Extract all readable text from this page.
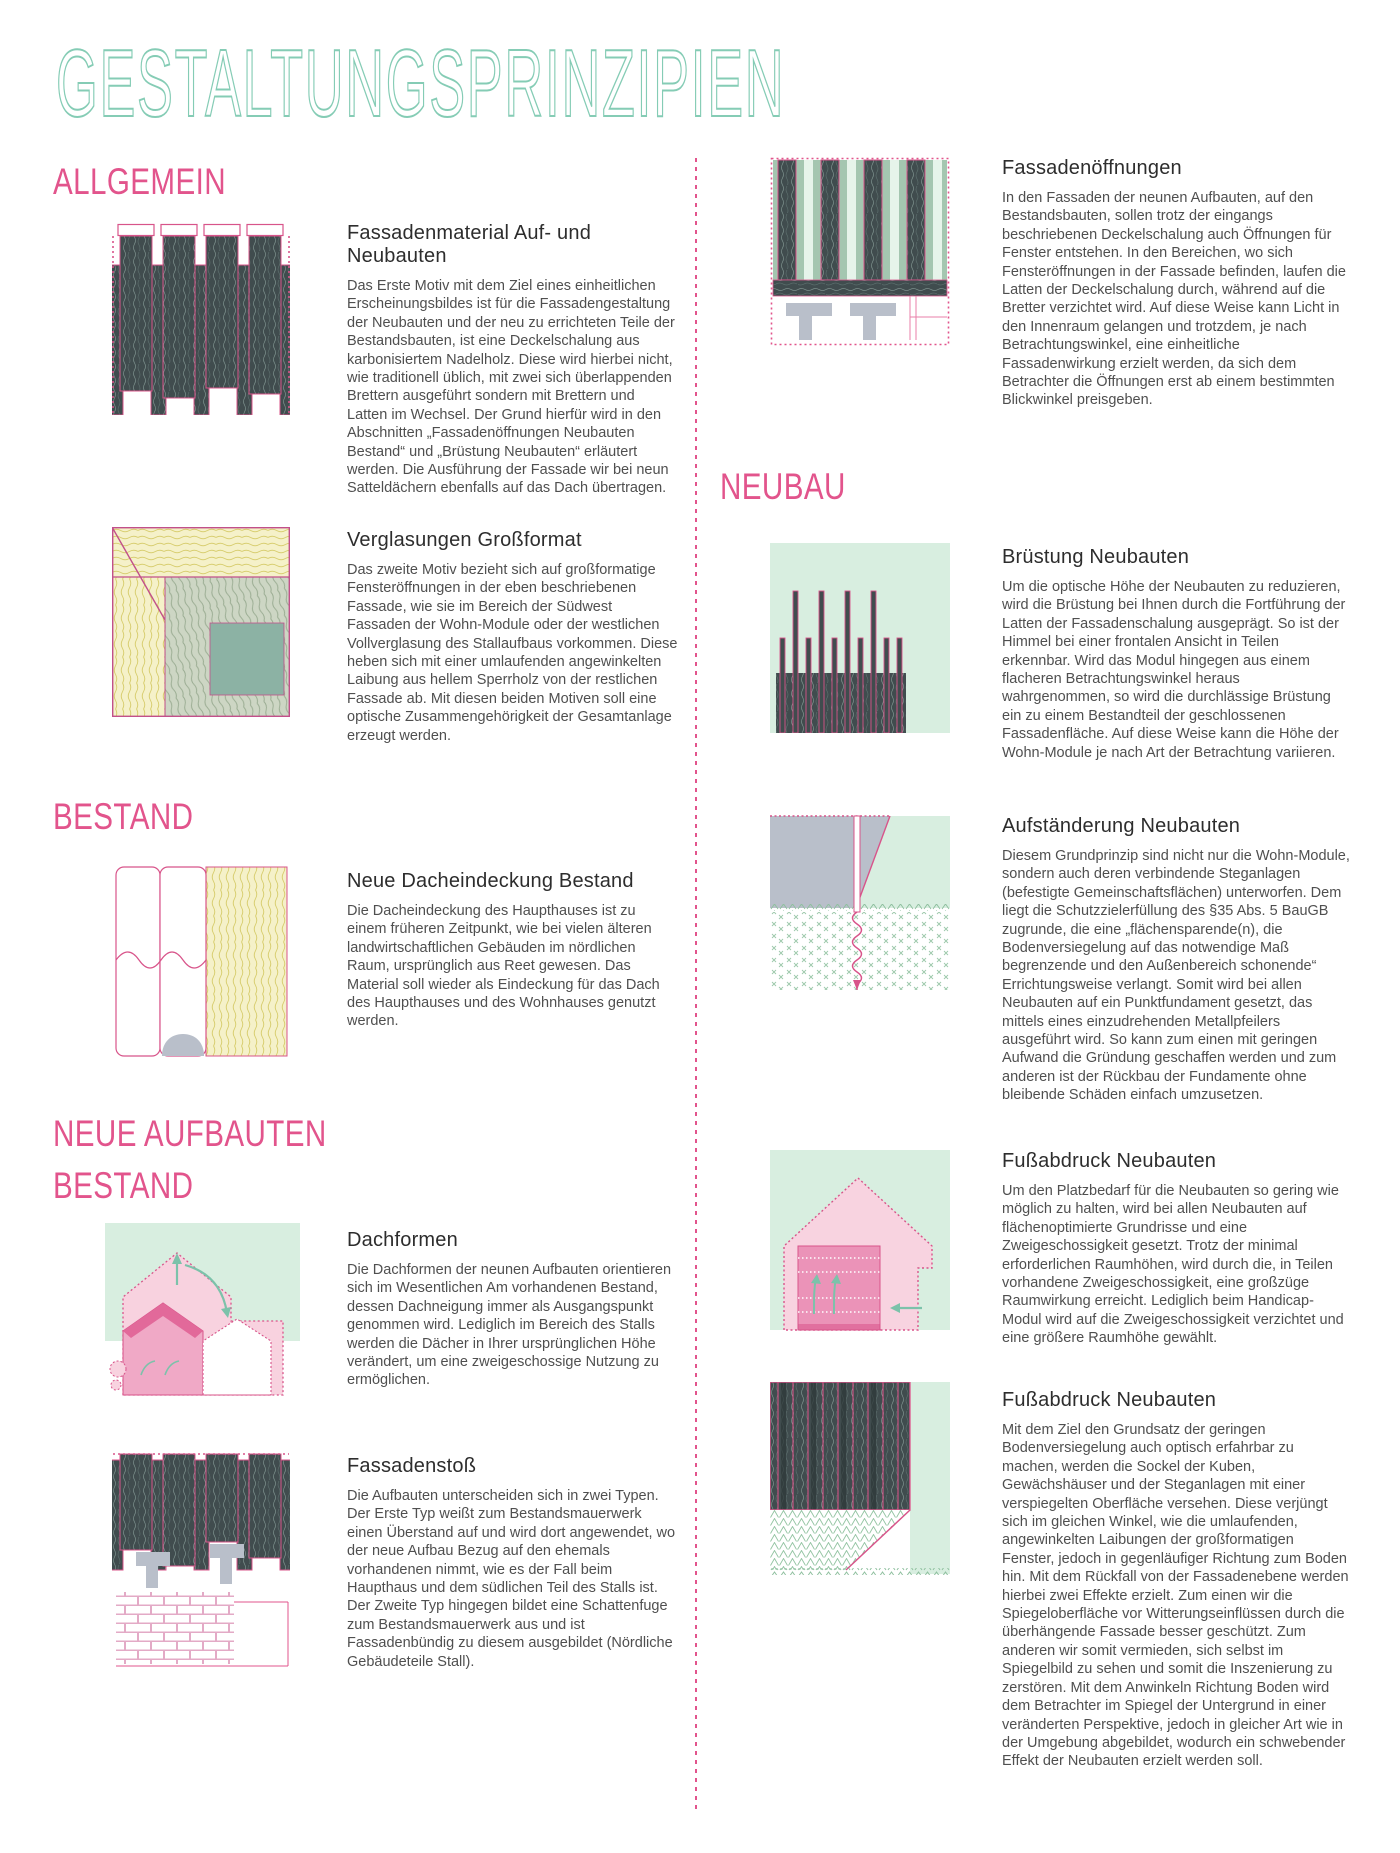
GESTALTUNGSPRINZIPIEN
ALLGEMEIN
Fassadenmaterial Auf- und Neubauten

Das Erste Motiv mit dem Ziel eines einheitlichen Erscheinungsbildes ist für die Fassadengestaltung der Neubauten und der neu zu errichteten Teile der Bestandsbauten, ist eine Deckelschalung aus karbonisiertem Nadelholz. Diese wird hierbei nicht, wie traditionell üblich, mit zwei sich überlappenden Brettern ausgeführt sondern mit Brettern und Latten im Wechsel. Der Grund hierfür wird in den Abschnitten „Fassadenöffnungen Neubauten Bestand“ und „Brüstung Neubauten“ erläutert werden. Die Ausführung der Fassade wir bei neun Satteldächern ebenfalls auf das Dach übertragen.

Verglasungen Großformat

Das zweite Motiv bezieht sich auf großformatige Fensteröffnungen in der eben beschriebenen Fassade, wie sie im Bereich der Südwest Fassaden der Wohn-Module oder der westlichen Vollverglasung des Stallaufbaus vorkommen. Diese heben sich mit einer umlaufenden angewinkelten Laibung aus hellem Sperrholz von der restlichen Fassade ab. Mit diesen beiden Motiven soll eine optische Zusammengehörigkeit der Gesamtanlage erzeugt werden.

BESTAND
Neue Dacheindeckung Bestand

Die Dacheindeckung des Haupthauses ist zu einem früheren Zeitpunkt, wie bei vielen älteren landwirtschaftlichen Gebäuden im nördlichen Raum, ursprünglich aus Reet gewesen. Das Material soll wieder als Eindeckung für das Dach des Haupthauses und des Wohnhauses genutzt werden.

NEUE AUFBAUTEN
BESTAND
Dachformen

Die Dachformen der neunen Aufbauten orientieren sich im Wesentlichen Am vorhandenen Bestand, dessen Dachneigung immer als Ausgangspunkt genommen wird. Lediglich im Bereich des Stalls werden die Dächer in Ihrer ursprünglichen Höhe verändert, um eine zweigeschossige Nutzung zu ermöglichen.

Fassadenstoß

Die Aufbauten unterscheiden sich in zwei Typen. Der Erste Typ weißt zum Bestandsmauerwerk einen Überstand auf und wird dort angewendet, wo der neue Aufbau Bezug auf den ehemals vorhandenen nimmt, wie es der Fall beim Haupthaus und dem südlichen Teil des Stalls ist. Der Zweite Typ hingegen bildet eine Schattenfuge zum Bestandsmauerwerk aus und ist Fassadenbündig zu diesem ausgebildet (Nördliche Gebäudeteile Stall).

Fassadenöffnungen

In den Fassaden der neunen Aufbauten, auf den Bestandsbauten, sollen trotz der eingangs beschriebenen Deckelschalung auch Öffnungen für Fenster entstehen. In den Bereichen, wo sich Fensteröffnungen in der Fassade befinden, laufen die Latten der Deckelschalung durch, während auf die Bretter verzichtet wird. Auf diese Weise kann Licht in den Innenraum gelangen und trotzdem, je nach Betrachtungswinkel, eine einheitliche Fassadenwirkung erzielt werden, da sich dem Betrachter die Öffnungen erst ab einem bestimmten Blickwinkel preisgeben.

NEUBAU
Brüstung Neubauten

Um die optische Höhe der Neubauten zu reduzieren, wird die Brüstung bei Ihnen durch die Fortführung der Latten der Fassadenschalung ausgeprägt. So ist der Himmel bei einer frontalen Ansicht in Teilen erkennbar. Wird das Modul hingegen aus einem flacheren Betrachtungswinkel heraus wahrgenommen, so wird die durchlässige Brüstung ein zu einem Bestandteil der geschlossenen Fassadenfläche. Auf diese Weise kann die Höhe der Wohn-Module je nach Art der Betrachtung variieren.

Aufständerung Neubauten

Diesem Grundprinzip sind nicht nur die Wohn-Module, sondern auch deren verbindende Steganlagen (befestigte Gemeinschaftsflächen) unterworfen. Dem liegt die Schutzzielerfüllung des §35 Abs. 5 BauGB zugrunde, die eine „flächensparende(n), die Bodenversiegelung auf das notwendige Maß begrenzende und den Außenbereich schonende“ Errichtungsweise verlangt. Somit wird bei allen Neubauten auf ein Punktfundament gesetzt, das mittels eines einzudrehenden Metallpfeilers ausgeführt wird. So kann zum einen mit geringen Aufwand die Gründung geschaffen werden und zum anderen ist der Rückbau der Fundamente ohne bleibende Schäden einfach umzusetzen.

Fußabdruck Neubauten

Um den Platzbedarf für die Neubauten so gering wie möglich zu halten, wird bei allen Neubauten auf flächenoptimierte Grundrisse und eine Zweigeschossigkeit gesetzt. Trotz der minimal erforderlichen Raumhöhen, wird durch die, in Teilen vorhandene Zweigeschossigkeit, eine großzüge Raumwirkung erreicht. Lediglich beim Handicap-Modul wird auf die Zweigeschossigkeit verzichtet und eine größere Raumhöhe gewählt.

Fußabdruck Neubauten

Mit dem Ziel den Grundsatz der geringen Bodenversiegelung auch optisch erfahrbar zu machen, werden die Sockel der Kuben, Gewächshäuser und der Steganlagen mit einer verspiegelten Oberfläche versehen. Diese verjüngt sich im gleichen Winkel, wie die umlaufenden, angewinkelten Laibungen der großformatigen Fenster, jedoch in gegenläufiger Richtung zum Boden hin. Mit dem Rückfall von der Fassadenebene werden hierbei zwei Effekte erzielt. Zum einen wir die Spiegeloberfläche vor Witterungseinflüssen durch die überhängende Fassade besser geschützt. Zum anderen wir somit vermieden, sich selbst im Spiegelbild zu sehen und somit die Inszenierung zu zerstören. Mit dem Anwinkeln Richtung Boden wird dem Betrachter im Spiegel der Untergrund in einer veränderten Perspektive, jedoch in gleicher Art wie in der Umgebung abgebildet, wodurch ein schwebender Effekt der Neubauten erzielt werden soll.
